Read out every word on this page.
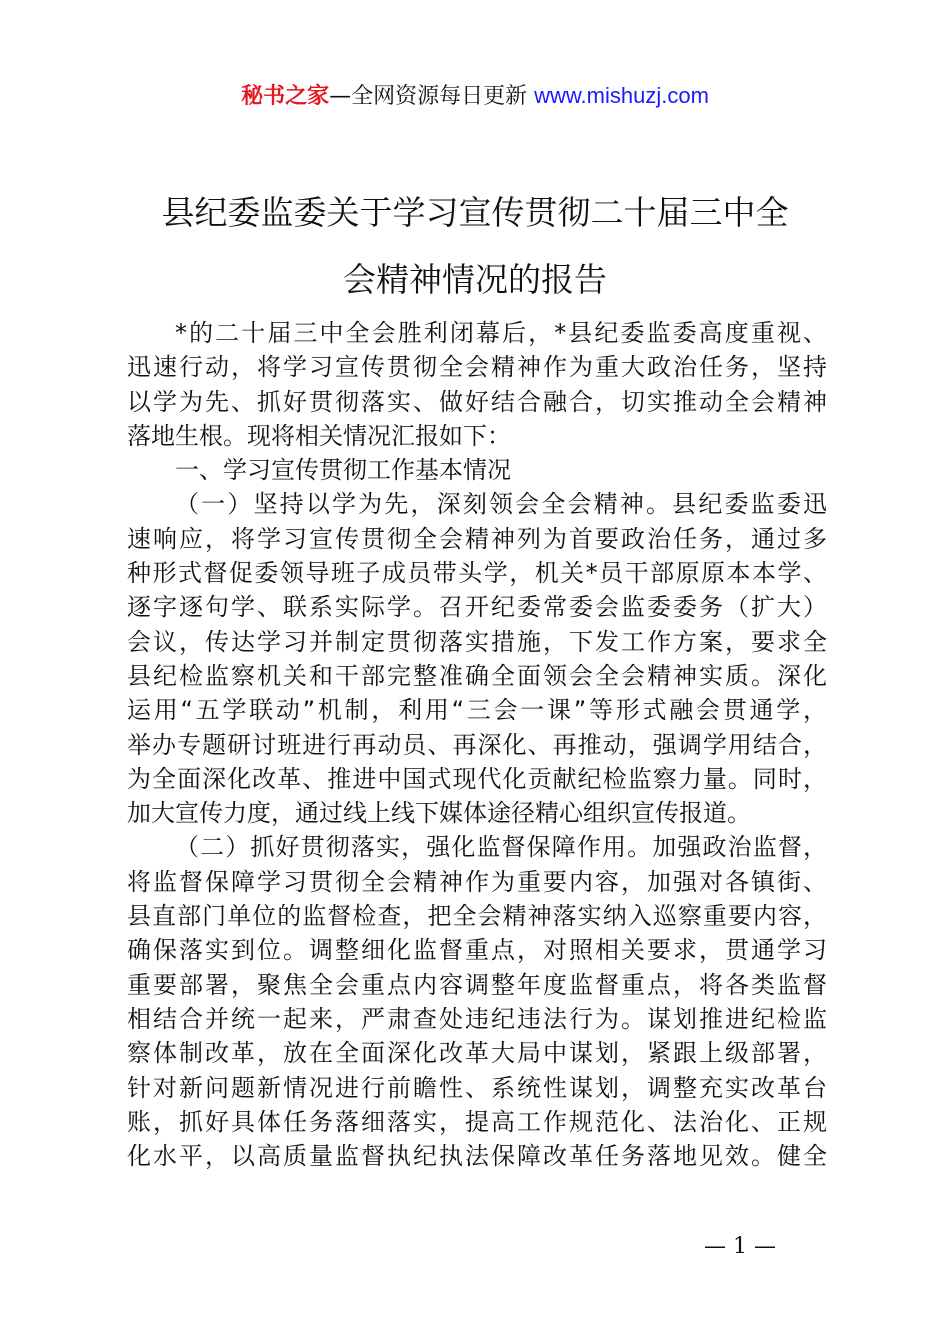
秘书之家—全网资源每日更新 www.mishuzj.com
县纪委监委关于学习宣传贯彻二十届三中全
会精神情况的报告
*的二十届三中全会胜利闭幕后，*县纪委监委高度重视、
迅速行动，将学习宣传贯彻全会精神作为重大政治任务，坚持
以学为先、抓好贯彻落实、做好结合融合，切实推动全会精神
落地生根。现将相关情况汇报如下：
一、学习宣传贯彻工作基本情况
（一）坚持以学为先，深刻领会全会精神。县纪委监委迅
速响应，将学习宣传贯彻全会精神列为首要政治任务，通过多
种形式督促委领导班子成员带头学，机关*员干部原原本本学、
逐字逐句学、联系实际学。召开纪委常委会监委委务（扩大）
会议，传达学习并制定贯彻落实措施，下发工作方案，要求全
县纪检监察机关和干部完整准确全面领会全会精神实质。深化
运用“五学联动”机制，利用“三会一课”等形式融会贯通学，
举办专题研讨班进行再动员、再深化、再推动，强调学用结合，
为全面深化改革、推进中国式现代化贡献纪检监察力量。同时，
加大宣传力度，通过线上线下媒体途径精心组织宣传报道。
（二）抓好贯彻落实，强化监督保障作用。加强政治监督，
将监督保障学习贯彻全会精神作为重要内容，加强对各镇街、
县直部门单位的监督检查，把全会精神落实纳入巡察重要内容，
确保落实到位。调整细化监督重点，对照相关要求，贯通学习
重要部署，聚焦全会重点内容调整年度监督重点，将各类监督
相结合并统一起来，严肃查处违纪违法行为。谋划推进纪检监
察体制改革，放在全面深化改革大局中谋划，紧跟上级部署，
针对新问题新情况进行前瞻性、系统性谋划，调整充实改革台
账，抓好具体任务落细落实，提高工作规范化、法治化、正规
化水平，以高质量监督执纪执法保障改革任务落地见效。健全
— 1 —
